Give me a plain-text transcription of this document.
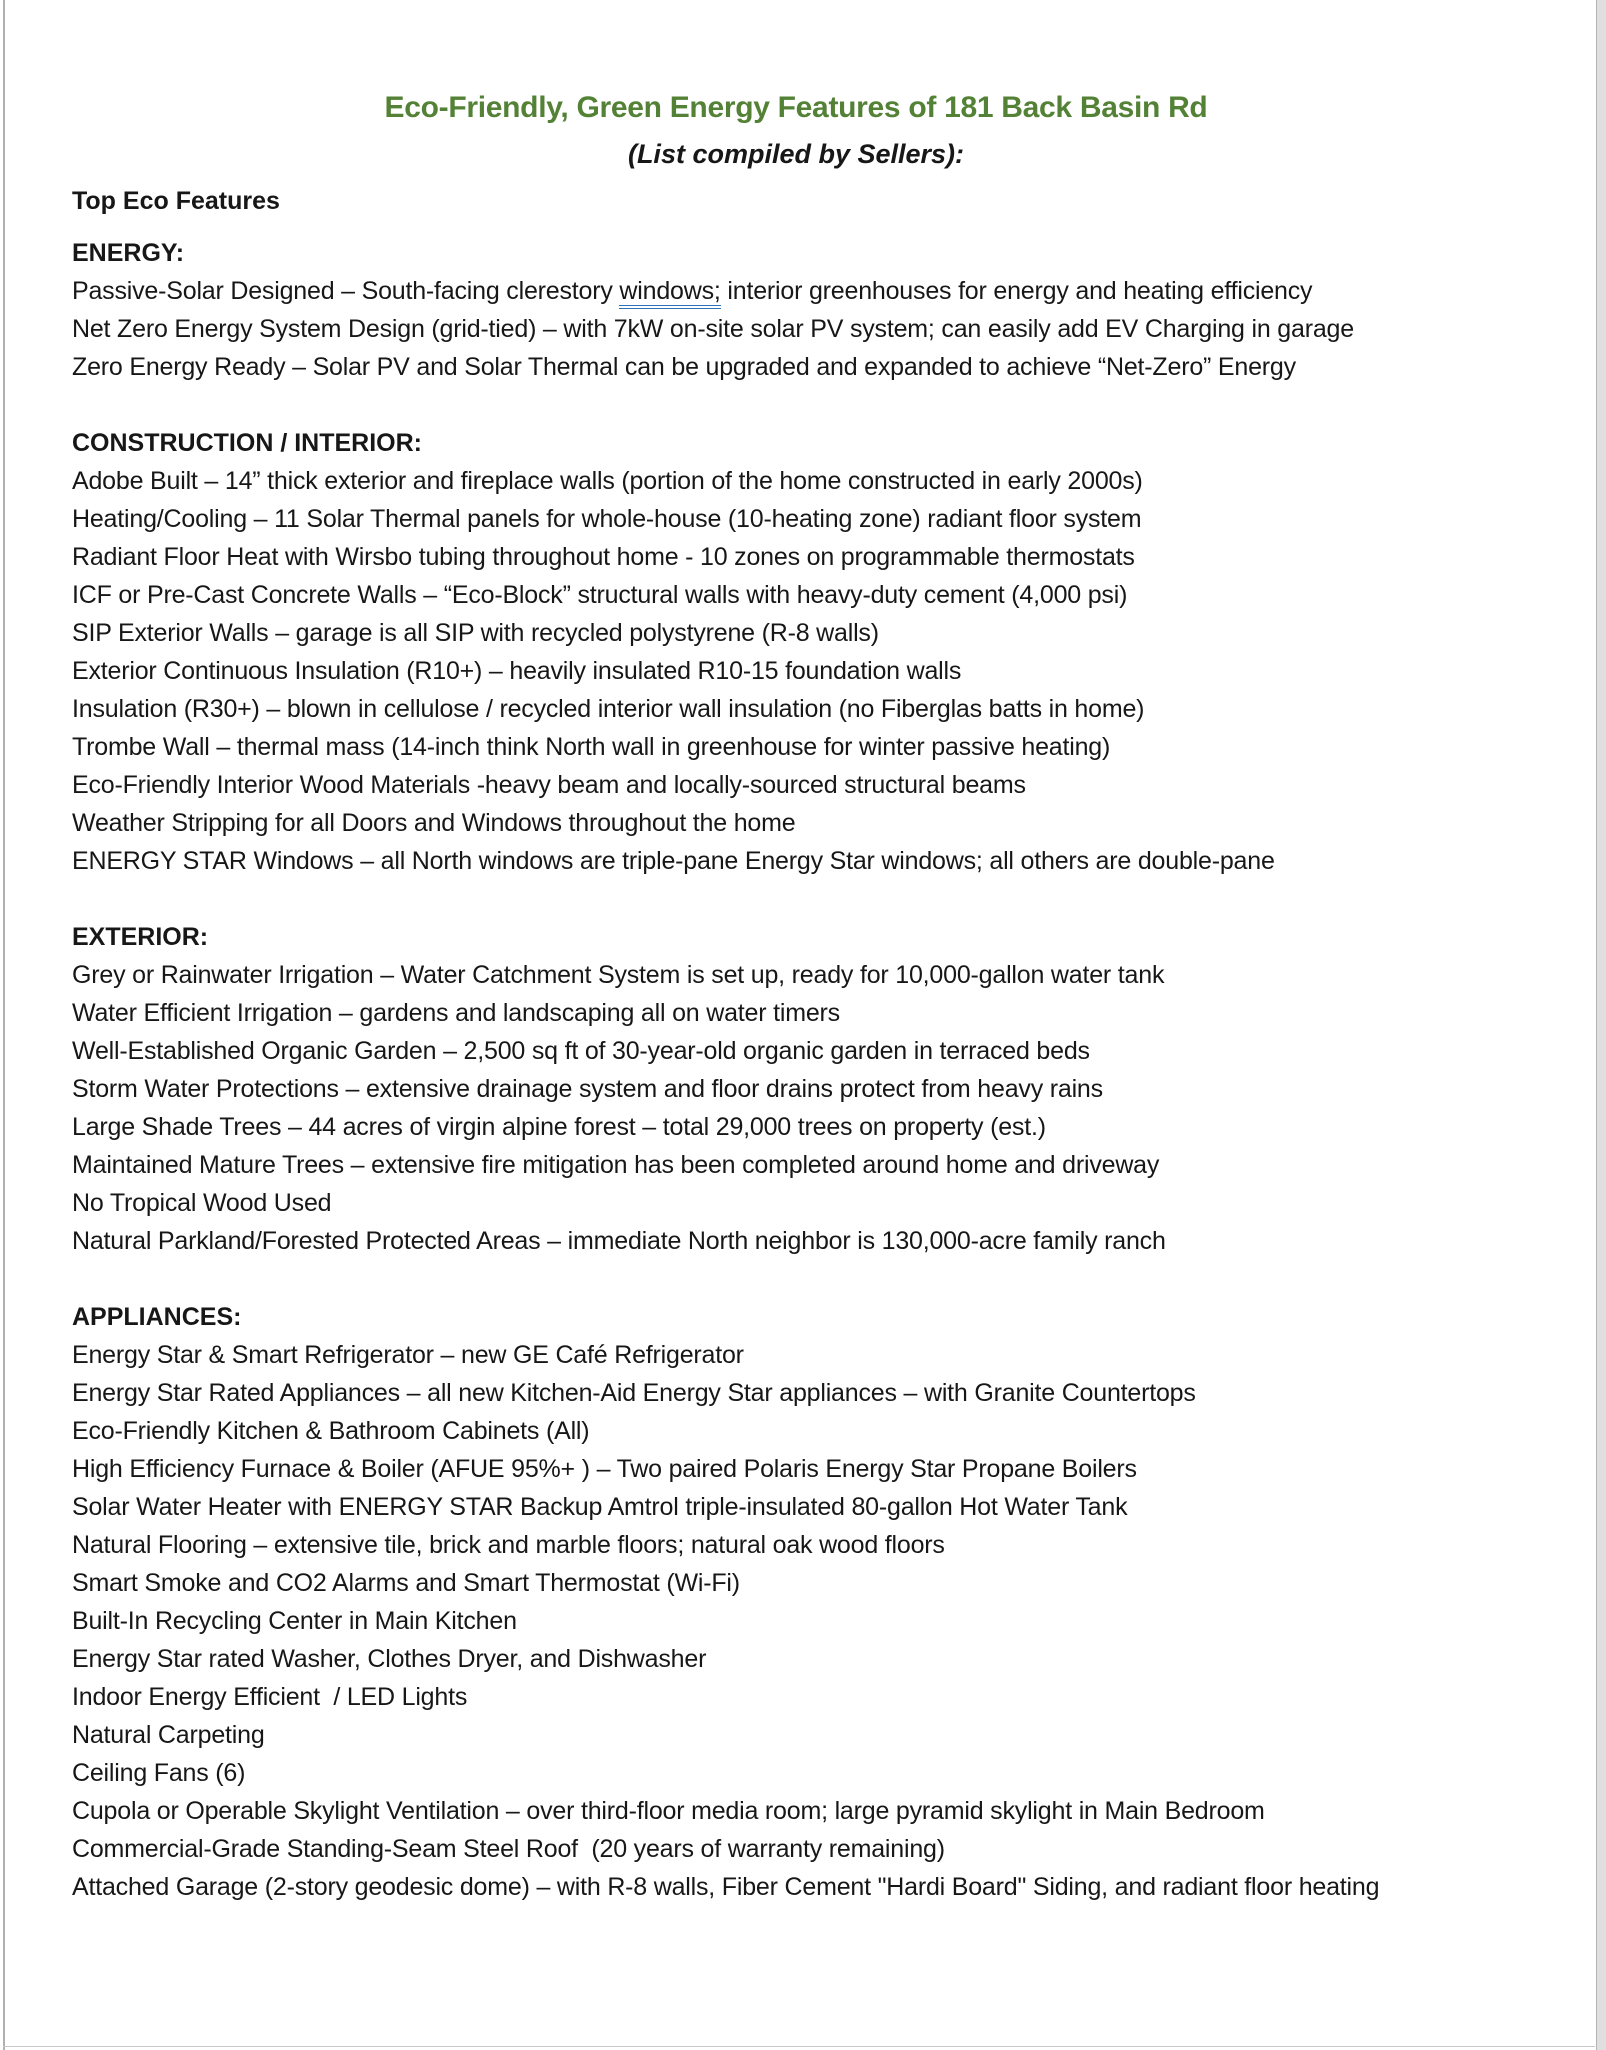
Eco-Friendly, Green Energy Features of 181 Back Basin Rd
(List compiled by Sellers):
Top Eco Features
ENERGY:
Passive-Solar Designed – South-facing clerestory windows; interior greenhouses for energy and heating efficiency
Net Zero Energy System Design (grid-tied) – with 7kW on-site solar PV system; can easily add EV Charging in garage
Zero Energy Ready – Solar PV and Solar Thermal can be upgraded and expanded to achieve “Net-Zero” Energy
CONSTRUCTION / INTERIOR:
Adobe Built – 14” thick exterior and fireplace walls (portion of the home constructed in early 2000s)
Heating/Cooling – 11 Solar Thermal panels for whole-house (10-heating zone) radiant floor system
Radiant Floor Heat with Wirsbo tubing throughout home - 10 zones on programmable thermostats
ICF or Pre-Cast Concrete Walls – “Eco-Block” structural walls with heavy-duty cement (4,000 psi)
SIP Exterior Walls – garage is all SIP with recycled polystyrene (R-8 walls)
Exterior Continuous Insulation (R10+) – heavily insulated R10-15 foundation walls
Insulation (R30+) – blown in cellulose / recycled interior wall insulation (no Fiberglas batts in home)
Trombe Wall – thermal mass (14-inch think North wall in greenhouse for winter passive heating)
Eco-Friendly Interior Wood Materials -heavy beam and locally-sourced structural beams
Weather Stripping for all Doors and Windows throughout the home
ENERGY STAR Windows – all North windows are triple-pane Energy Star windows; all others are double-pane
EXTERIOR:
Grey or Rainwater Irrigation – Water Catchment System is set up, ready for 10,000-gallon water tank
Water Efficient Irrigation – gardens and landscaping all on water timers
Well-Established Organic Garden – 2,500 sq ft of 30-year-old organic garden in terraced beds
Storm Water Protections – extensive drainage system and floor drains protect from heavy rains
Large Shade Trees – 44 acres of virgin alpine forest – total 29,000 trees on property (est.)
Maintained Mature Trees – extensive fire mitigation has been completed around home and driveway
No Tropical Wood Used
Natural Parkland/Forested Protected Areas – immediate North neighbor is 130,000-acre family ranch
APPLIANCES:
Energy Star & Smart Refrigerator – new GE Café Refrigerator
Energy Star Rated Appliances – all new Kitchen-Aid Energy Star appliances – with Granite Countertops
Eco-Friendly Kitchen & Bathroom Cabinets (All)
High Efficiency Furnace & Boiler (AFUE 95%+ ) – Two paired Polaris Energy Star Propane Boilers
Solar Water Heater with ENERGY STAR Backup Amtrol triple-insulated 80-gallon Hot Water Tank
Natural Flooring – extensive tile, brick and marble floors; natural oak wood floors
Smart Smoke and CO2 Alarms and Smart Thermostat (Wi-Fi)
Built-In Recycling Center in Main Kitchen
Energy Star rated Washer, Clothes Dryer, and Dishwasher
Indoor Energy Efficient  / LED Lights
Natural Carpeting
Ceiling Fans (6)
Cupola or Operable Skylight Ventilation – over third-floor media room; large pyramid skylight in Main Bedroom
Commercial-Grade Standing-Seam Steel Roof  (20 years of warranty remaining)
Attached Garage (2-story geodesic dome) – with R-8 walls, Fiber Cement "Hardi Board" Siding, and radiant floor heating
